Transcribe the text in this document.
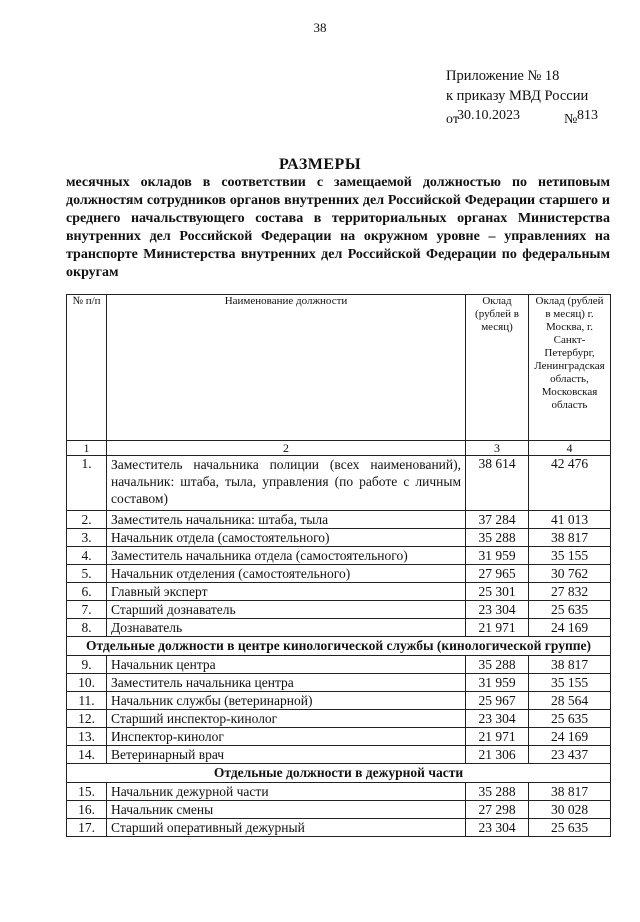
38
Приложение № 18
к приказу МВД России
от
30.10.2023	№ 813
РАЗМЕРЫ
месячных окладов в соответствии с замещаемой должностью по нетиповым должностям сотрудников органов внутренних дел Российской Федерации старшего и среднего начальствующего состава в территориальных органах Министерства внутренних дел Российской Федерации на окружном уровне – управлениях на транспорте Министерства внутренних дел Российской Федерации по федеральным округам
№ п/п	Наименование должности	Оклад (рублей в месяц)	Оклад (рублей в месяц) г. Москва, г. Санкт-Петербург, Ленинградская область, Московская область
1	2	3	4
1.	Заместитель начальника полиции (всех наименований), начальник: штаба, тыла, управления (по работе с личным составом)	38 614	42 476
2.	Заместитель начальника: штаба, тыла	37 284	41 013
3.	Начальник отдела (самостоятельного)	35 288	38 817
4.	Заместитель начальника отдела (самостоятельного)	31 959	35 155
5.	Начальник отделения (самостоятельного)	27 965	30 762
6.	Главный эксперт	25 301	27 832
7.	Старший дознаватель	23 304	25 635
8.	Дознаватель	21 971	24 169
Отдельные должности в центре кинологической службы (кинологической группе)			
9.	Начальник центра	35 288	38 817
10.	Заместитель начальника центра	31 959	35 155
11.	Начальник службы (ветеринарной)	25 967	28 564
12.	Старший инспектор-кинолог	23 304	25 635
13.	Инспектор-кинолог	21 971	24 169
14.	Ветеринарный врач	21 306	23 437
Отдельные должности в дежурной части			
15.	Начальник дежурной части	35 288	38 817
16.	Начальник смены	27 298	30 028
17.	Старший оперативный дежурный	23 304	25 635
